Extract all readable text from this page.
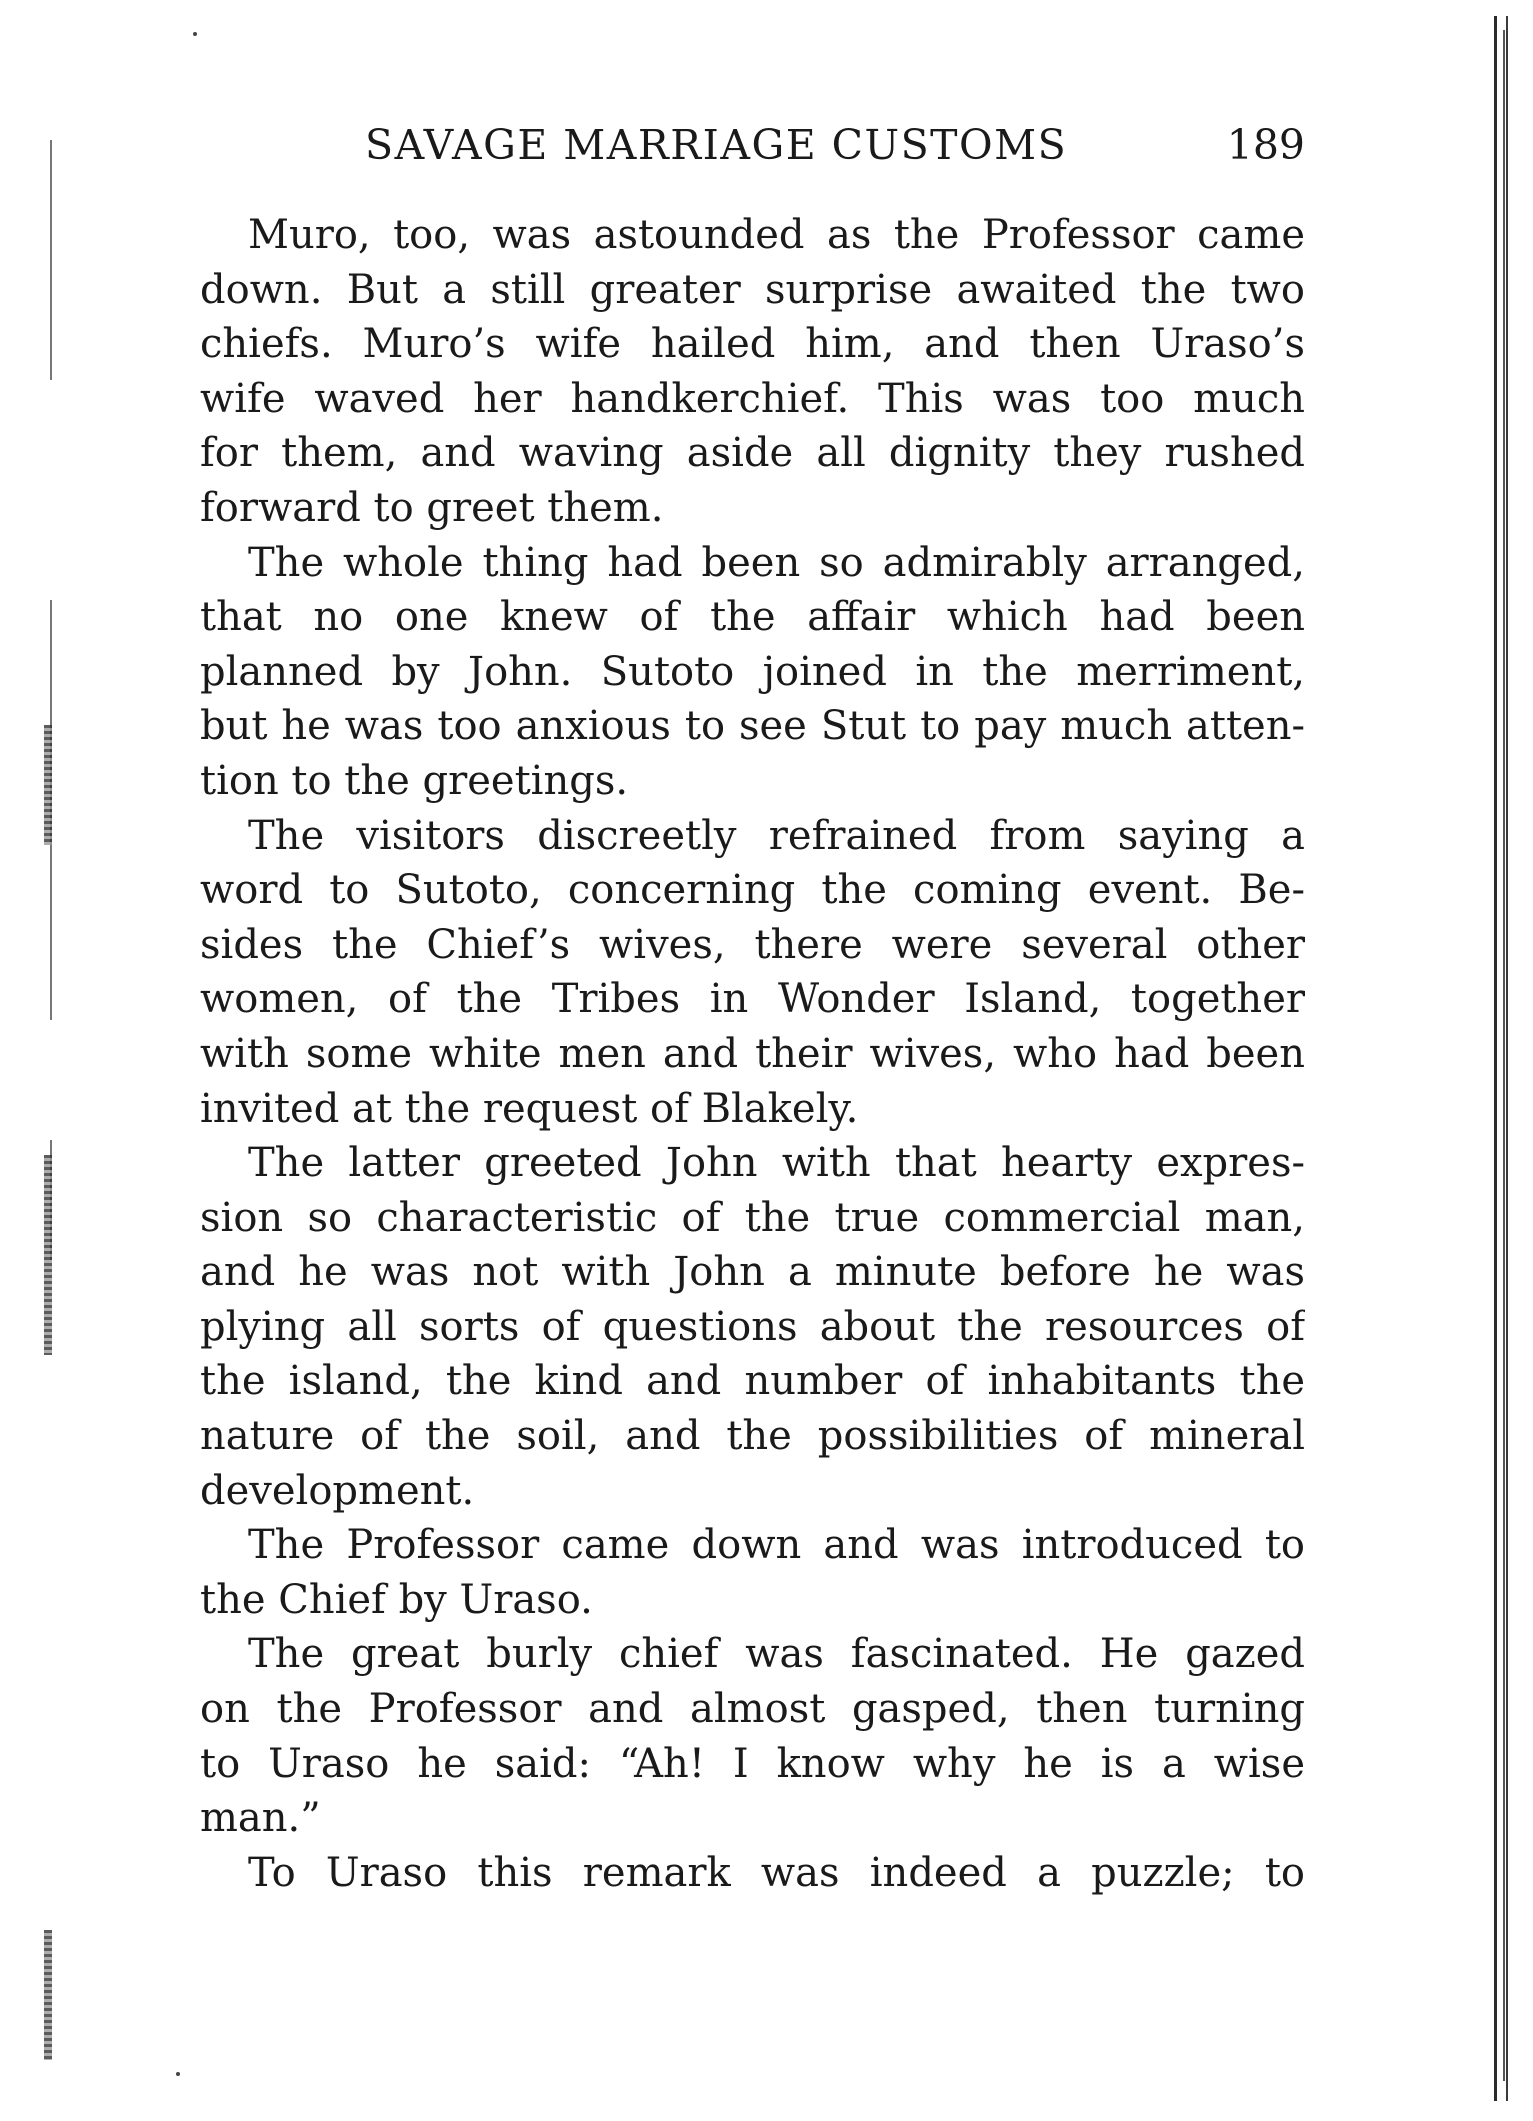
SAVAGE MARRIAGE CUSTOMS	189
Muro, too, was astounded as the Professor came
down. But a still greater surprise awaited the two
chiefs. Muro’s wife hailed him, and then Uraso’s
wife waved her handkerchief. This was too much
for them, and waving aside all dignity they rushed
forward to greet them.
The whole thing had been so admirably arranged,
that no one knew of the affair which had been
planned by John. Sutoto joined in the merriment,
but he was too anxious to see Stut to pay much atten-
tion to the greetings.
The visitors discreetly refrained from saying a
word to Sutoto, concerning the coming event. Be-
sides the Chief’s wives, there were several other
women, of the Tribes in Wonder Island, together
with some white men and their wives, who had been
invited at the request of Blakely.
The latter greeted John with that hearty expres-
sion so characteristic of the true commercial man,
and he was not with John a minute before he was
plying all sorts of questions about the resources of
the island, the kind and number of inhabitants the
nature of the soil, and the possibilities of mineral
development.
The Professor came down and was introduced to
the Chief by Uraso.
The great burly chief was fascinated. He gazed
on the Professor and almost gasped, then turning
to Uraso he said: “Ah! I know why he is a wise
man.”
To Uraso this remark was indeed a puzzle; to
